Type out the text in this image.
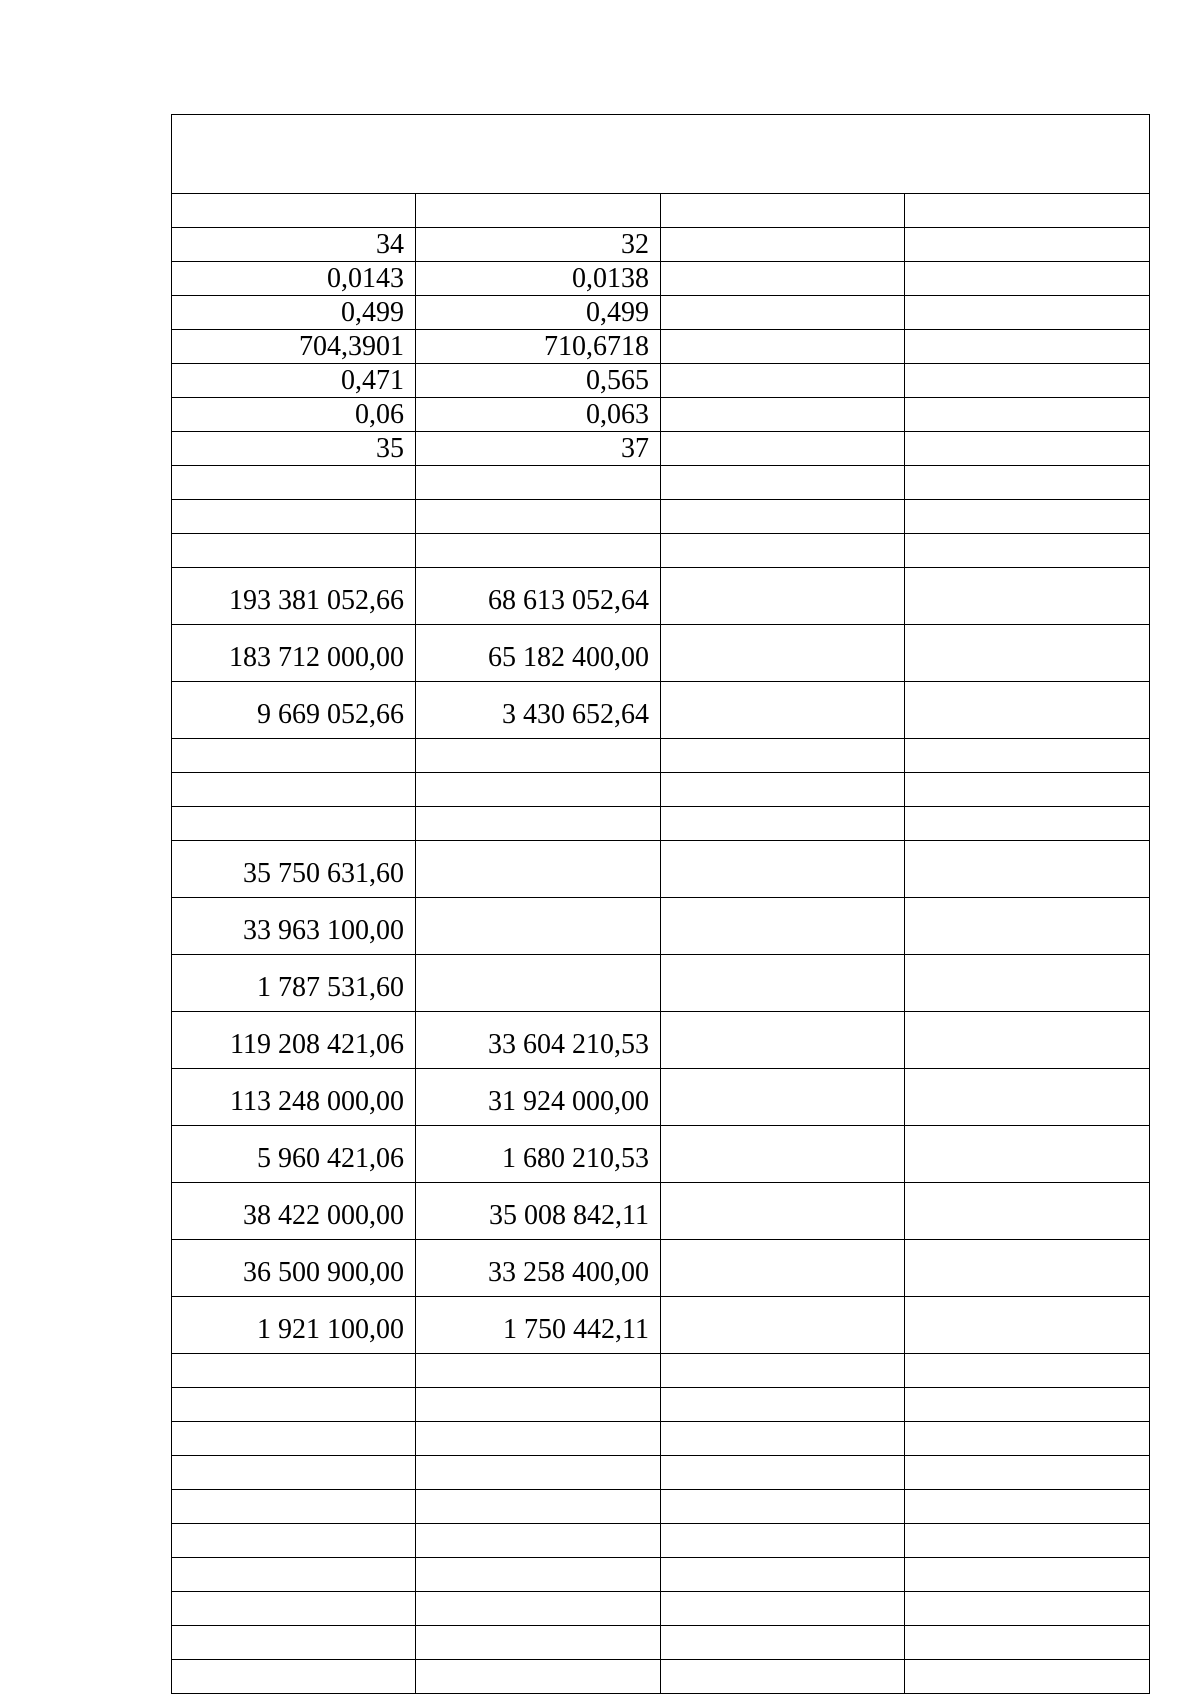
34	32		
0,0143	0,0138		
0,499	0,499		
704,3901	710,6718		
0,471	0,565		
0,06	0,063		
35	37		

193 381 052,66	68 613 052,64		
183 712 000,00	65 182 400,00		
9 669 052,66	3 430 652,64		

35 750 631,60			
33 963 100,00			
1 787 531,60			
119 208 421,06	33 604 210,53		
113 248 000,00	31 924 000,00		
5 960 421,06	1 680 210,53		
38 422 000,00	35 008 842,11		
36 500 900,00	33 258 400,00		
1 921 100,00	1 750 442,11		
